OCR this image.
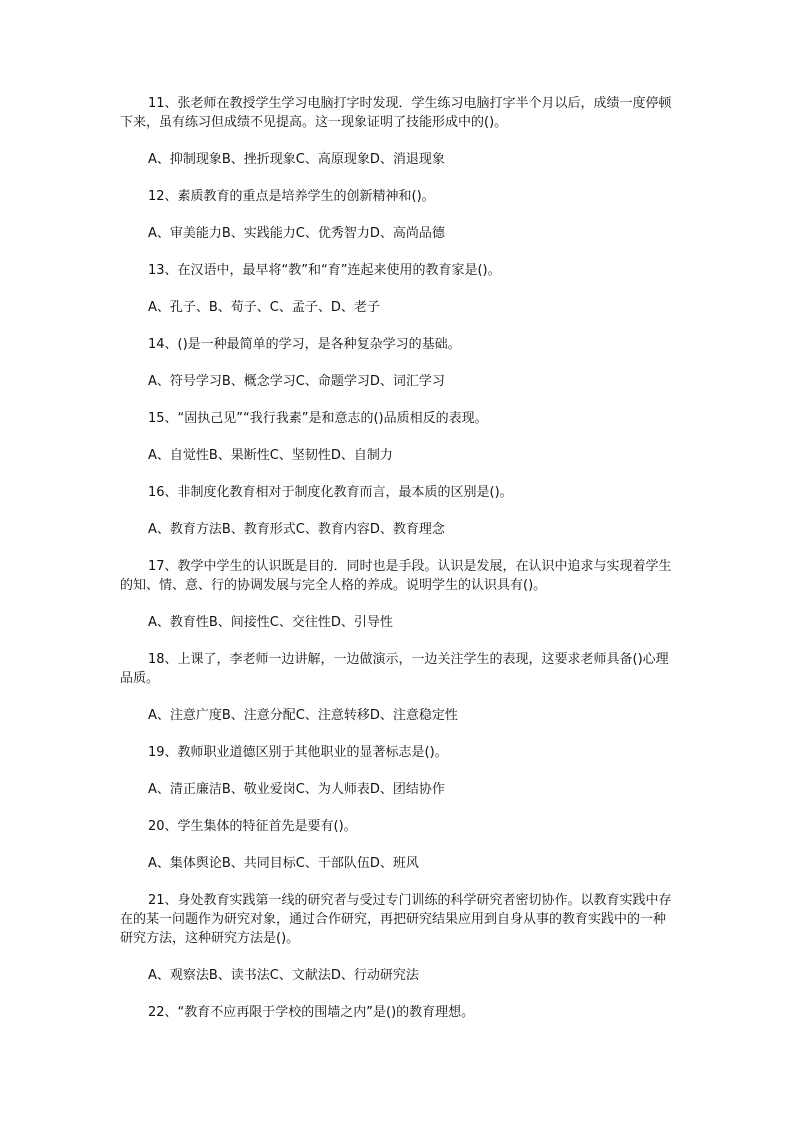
11、张老师在教授学生学习电脑打字时发现．学生练习电脑打字半个月以后，成绩一度停顿下来，虽有练习但成绩不见提高。这一现象证明了技能形成中的()。

A、抑制现象B、挫折现象C、高原现象D、消退现象

12、素质教育的重点是培养学生的创新精神和()。

A、审美能力B、实践能力C、优秀智力D、高尚品德

13、在汉语中，最早将“教”和“育”连起来使用的教育家是()。

A、孔子、B、荀子、C、孟子、D、老子

14、()是一种最简单的学习，是各种复杂学习的基础。

A、符号学习B、概念学习C、命题学习D、词汇学习

15、“固执己见”“我行我素”是和意志的()品质相反的表现。

A、自觉性B、果断性C、坚韧性D、自制力

16、非制度化教育相对于制度化教育而言，最本质的区别是()。

A、教育方法B、教育形式C、教育内容D、教育理念

17、教学中学生的认识既是目的．同时也是手段。认识是发展，在认识中追求与实现着学生的知、情、意、行的协调发展与完全人格的养成。说明学生的认识具有()。

A、教育性B、间接性C、交往性D、引导性

18、上课了，李老师一边讲解，一边做演示，一边关注学生的表现，这要求老师具备()心理品质。

A、注意广度B、注意分配C、注意转移D、注意稳定性

19、教师职业道德区别于其他职业的显著标志是()。

A、清正廉洁B、敬业爱岗C、为人师表D、团结协作

20、学生集体的特征首先是要有()。

A、集体舆论B、共同目标C、干部队伍D、班风

21、身处教育实践第一线的研究者与受过专门训练的科学研究者密切协作。以教育实践中存在的某一问题作为研究对象，通过合作研究，再把研究结果应用到自身从事的教育实践中的一种研究方法，这种研究方法是()。

A、观察法B、读书法C、文献法D、行动研究法

22、“教育不应再限于学校的围墙之内”是()的教育理想。
